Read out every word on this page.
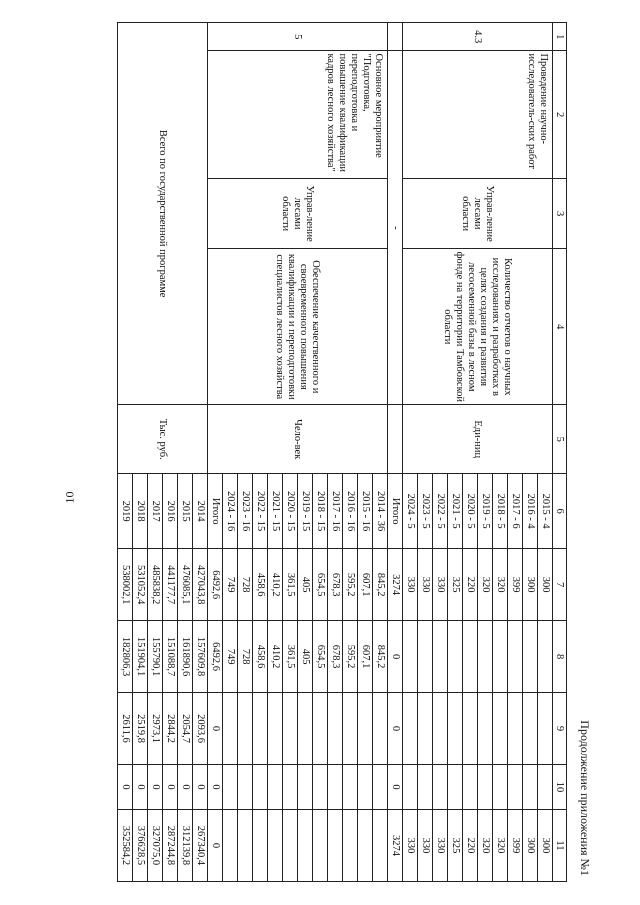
10
Продолжение приложения №1
1	2	3	4	5	6	7	8	9	10	11
4.3	Проведение научно-исследователь-ских работ	Управ-ление лесами области	Количество отчетов о научных исследованиях и разработках в целях создания и развития лесосеменной базы в лесном фонде на территории Тамбовской области	Еди-ниц	2015 - 4	300				300
					2016 - 4	300				300
					2017 - 6	399				399
					2018 - 5	320				320
					2019 - 5	320				320
					2020 - 5	220				220
					2021 - 5	325				325
					2022 - 5	330				330
					2023 - 5	330				330
					2024 - 5	330				330
	-				Итого	3274	0	0	0	3274
5	Основное мероприятие "Подготовка, переподготовка и повышение квалификации кадров лесного хозяйства"	Управ-ление лесами области	Обеспечение качественного и своевременного повышения квалификации и переподготовки специалистов лесного хозяйства	Чело-век	2014 - 36	845,2	845,2			
					2015 - 16	607,1	607,1			
					2016 - 16	595,2	595,2			
					2017 - 16	678,3	678,3			
					2018 - 15	654,5	654,5			
					2019 - 15	405	405			
					2020 - 15	361,5	361,5			
					2021 - 15	410,2	410,2			
					2022 - 15	458,6	458,6			
					2023 - 16	728	728			
					2024 - 16	749	749			
					Итого	6492,6	6492,6	0	0	0
Всего по государственной программе				Тыс. руб.	2014	427043,8	157609,8	2093,6	0	267340,4
					2015	476085,1	161890,6	2054,7	0	312139,8
					2016	441177,7	151088,7	2844,2	0	287244,8
					2017	485838,2	155790,1	2973,1	0	327075,0
					2018	531052,4	151904,1	2519,8	0	376628,5
					2019	538002,1	182806,3	2611,6	0	352584,2
